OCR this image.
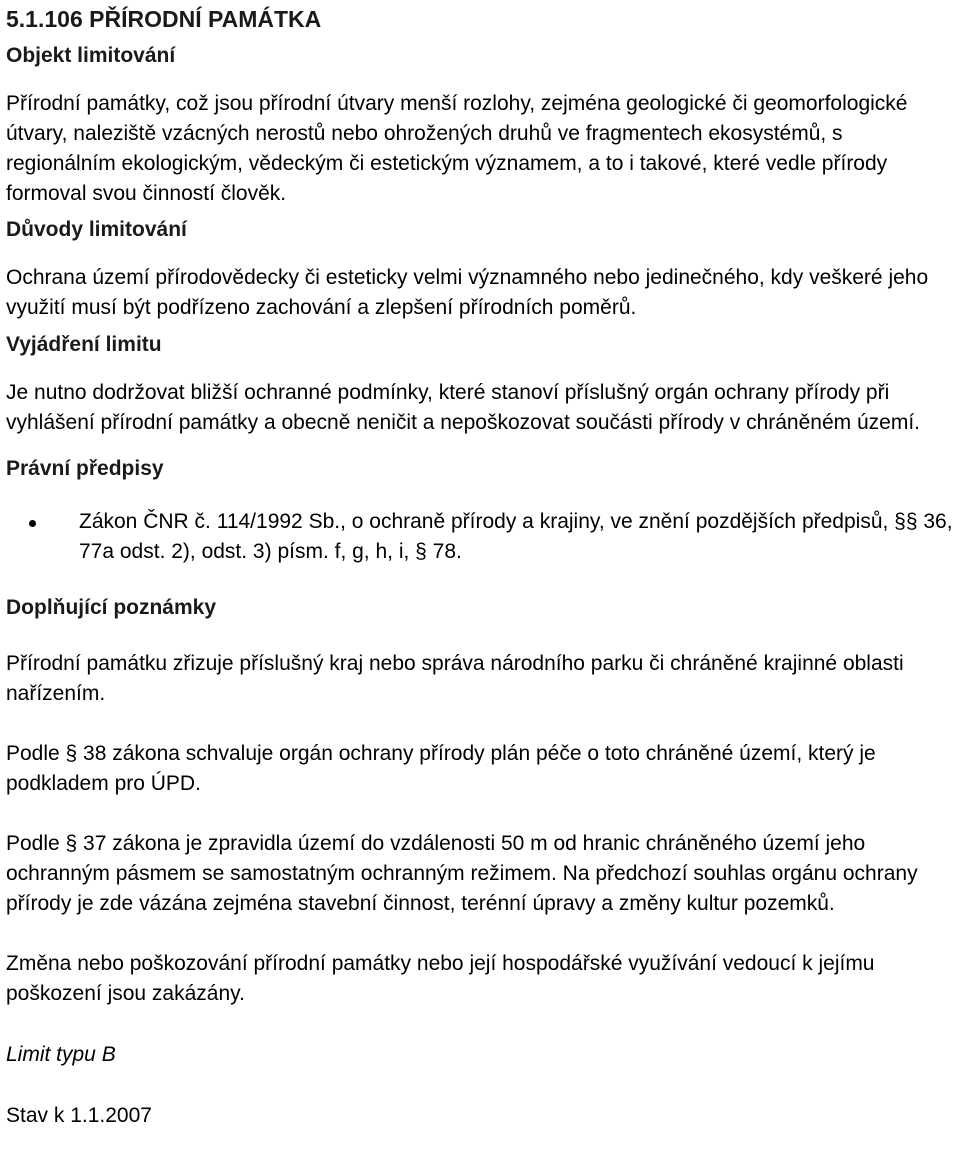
5.1.106 PŘÍRODNÍ PAMÁTKA
Objekt limitování

Přírodní památky, což jsou přírodní útvary menší rozlohy, zejména geologické či geomorfologické útvary, naleziště vzácných nerostů nebo ohrožených druhů ve fragmentech ekosystémů, s regionálním ekologickým, vědeckým či estetickým významem, a to i takové, které vedle přírody formoval svou činností člověk.

Důvody limitování

Ochrana území přírodovědecky či esteticky velmi významného nebo jedinečného, kdy veškeré jeho využití musí být podřízeno zachování a zlepšení přírodních poměrů.

Vyjádření limitu

Je nutno dodržovat bližší ochranné podmínky, které stanoví příslušný orgán ochrany přírody při vyhlášení přírodní památky a obecně neničit a nepoškozovat součásti přírody v chráněném území.

Právní předpisy
Zákon ČNR č. 114/1992 Sb., o ochraně přírody a krajiny, ve znění pozdějších předpisů, §§ 36, 77a odst. 2), odst. 3) písm. f, g, h, i, § 78.
Doplňující poznámky

Přírodní památku zřizuje příslušný kraj nebo správa národního parku či chráněné krajinné oblasti nařízením.

Podle § 38 zákona schvaluje orgán ochrany přírody plán péče o toto chráněné území, který je podkladem pro ÚPD.

Podle § 37 zákona je zpravidla území do vzdálenosti 50 m od hranic chráněného území jeho ochranným pásmem se samostatným ochranným režimem. Na předchozí souhlas orgánu ochrany přírody je zde vázána zejména stavební činnost, terénní úpravy a změny kultur pozemků.

Změna nebo poškozování přírodní památky nebo její hospodářské využívání vedoucí k jejímu poškození jsou zakázány.

Limit typu B

Stav k 1.1.2007
